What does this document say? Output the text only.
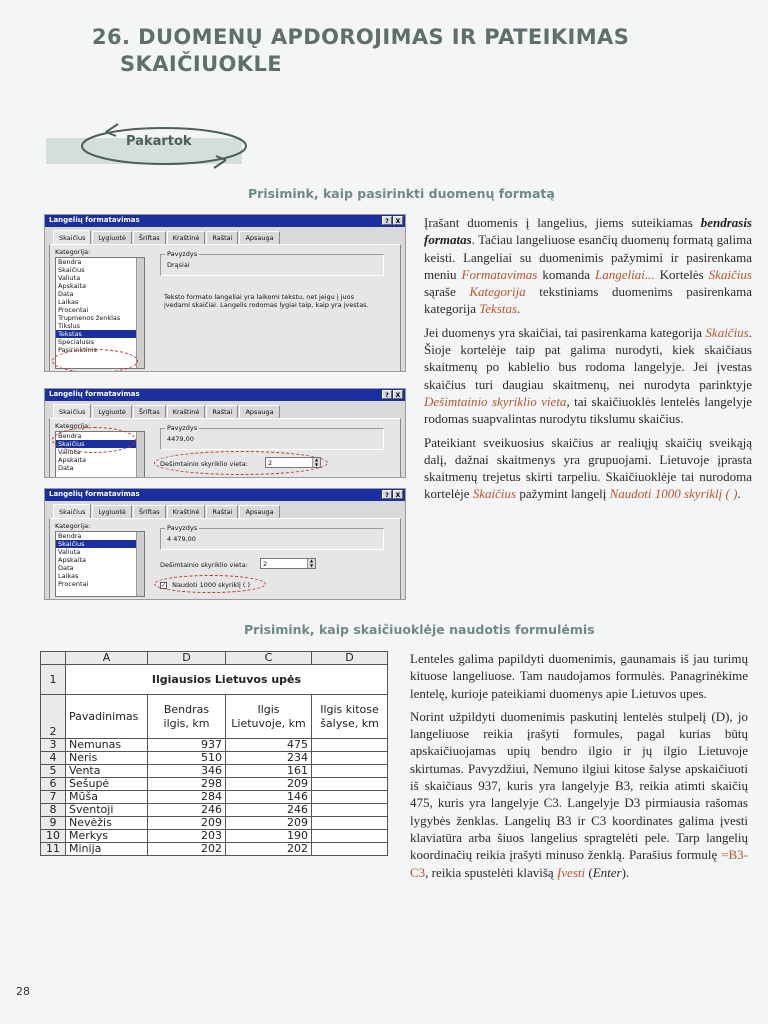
26. DUOMENŲ APDOROJIMAS IR PATEIKIMAS
SKAIČIUOKLE
Pakartok
Prisimink, kaip pasirinkti duomenų formatą
Langelių formatavimas	?	X
Skaičius	Lygiuotė	Šriftas	Kraštinė	Raštai	Apsauga
Kategorija:
Bendra
Skaičius
Valiuta
Apskaita
Data
Laikas
Procentai
Trupmenos ženklas
Tikslus
Tekstas
Specialusis
Pasirinktinis
Pavyzdys
Drąsiai
Teksto formato langeliai yra laikomi tekstu, net jeigu į juos įvedami skaičiai. Langelis rodomas lygiai taip, kaip yra įvestas.
Langelių formatavimas	?	X
Skaičius	Lygiuotė	Šriftas	Kraštinė	Raštai	Apsauga
Kategorija:
Bendra
Skaičius
Valiuta
Apskaita
Data
Pavyzdys
4479,00
Dešimtainio skyriklio vieta:	2	▲
▼
Langelių formatavimas	?	X
Skaičius	Lygiuotė	Šriftas	Kraštinė	Raštai	Apsauga
Kategorija:
Bendra
Skaičius
Valiuta
Apskaita
Data
Laikas
Procentai
Pavyzdys
4 479,00
Dešimtainio skyriklio vieta:	2	▲
▼
✓ Naudoti 1000 skyriklį ( )

Įrašant duomenis į langelius, jiems suteikiamas bendrasis formatas. Tačiau langeliuose esančių duomenų formatą galima keisti. Langeliai su duomenimis pažymimi ir pasirenkama meniu Formatavimas komanda Langeliai... Kortelės Skaičius sąraše Kategorija tekstiniams duomenims pasirenkama kategorija Tekstas.

Jei duomenys yra skaičiai, tai pasirenkama kategorija Skaičius. Šioje kortelėje taip pat galima nurodyti, kiek skaičiaus skaitmenų po kablelio bus rodoma langelyje. Jei įvestas skaičius turi daugiau skaitmenų, nei nurodyta parinktyje Dešimtainio skyriklio vieta, tai skaičiuoklės lentelės langelyje rodomas suapvalintas nurodytu tikslumu skaičius.

Pateikiant sveikuosius skaičius ar realiųjų skaičių sveikąją dalį, dažnai skaitmenys yra grupuojami. Lietuvoje įprasta skaitmenų trejetus skirti tarpeliu. Skaičiuoklėje tai nurodoma kortelėje Skaičius pažymint langelį Naudoti 1000 skyriklį ( ).

Prisimink, kaip skaičiuoklėje naudotis formulėmis
	A	D	C	D
1	Ilgiausios Lietuvos upės			
2	Pavadinimas	Bendras ilgis, km	Ilgis Lietuvoje, km	Ilgis kitose šalyse, km
3	Nemunas	937	475	
4	Neris	510	234	
5	Venta	346	161	
6	Šešupė	298	209	
7	Mūša	284	146	
8	Šventoji	246	246	
9	Nevėžis	209	209	
10	Merkys	203	190	
11	Minija	202	202	

Lenteles galima papildyti duomenimis, gaunamais iš jau turimų kituose langeliuose. Tam naudojamos formulės. Panagrinėkime lentelę, kurioje pateikiami duomenys apie Lietuvos upes.

Norint užpildyti duomenimis paskutinį lentelės stulpelį (D), jo langeliuose reikia įrašyti formules, pagal kurias būtų apskaičiuojamas upių bendro ilgio ir jų ilgio Lietuvoje skirtumas. Pavyzdžiui, Nemuno ilgiui kitose šalyse apskaičiuoti iš skaičiaus 937, kuris yra langelyje B3, reikia atimti skaičių 475, kuris yra langelyje C3. Langelyje D3 pirmiausia rašomas lygybės ženklas. Langelių B3 ir C3 koordinates galima įvesti klaviatūra arba šiuos langelius spragtelėti pele. Tarp langelių koordinačių reikia įrašyti minuso ženklą. Parašius formulę =B3-C3, reikia spustelėti klavišą Įvesti (Enter).

28
